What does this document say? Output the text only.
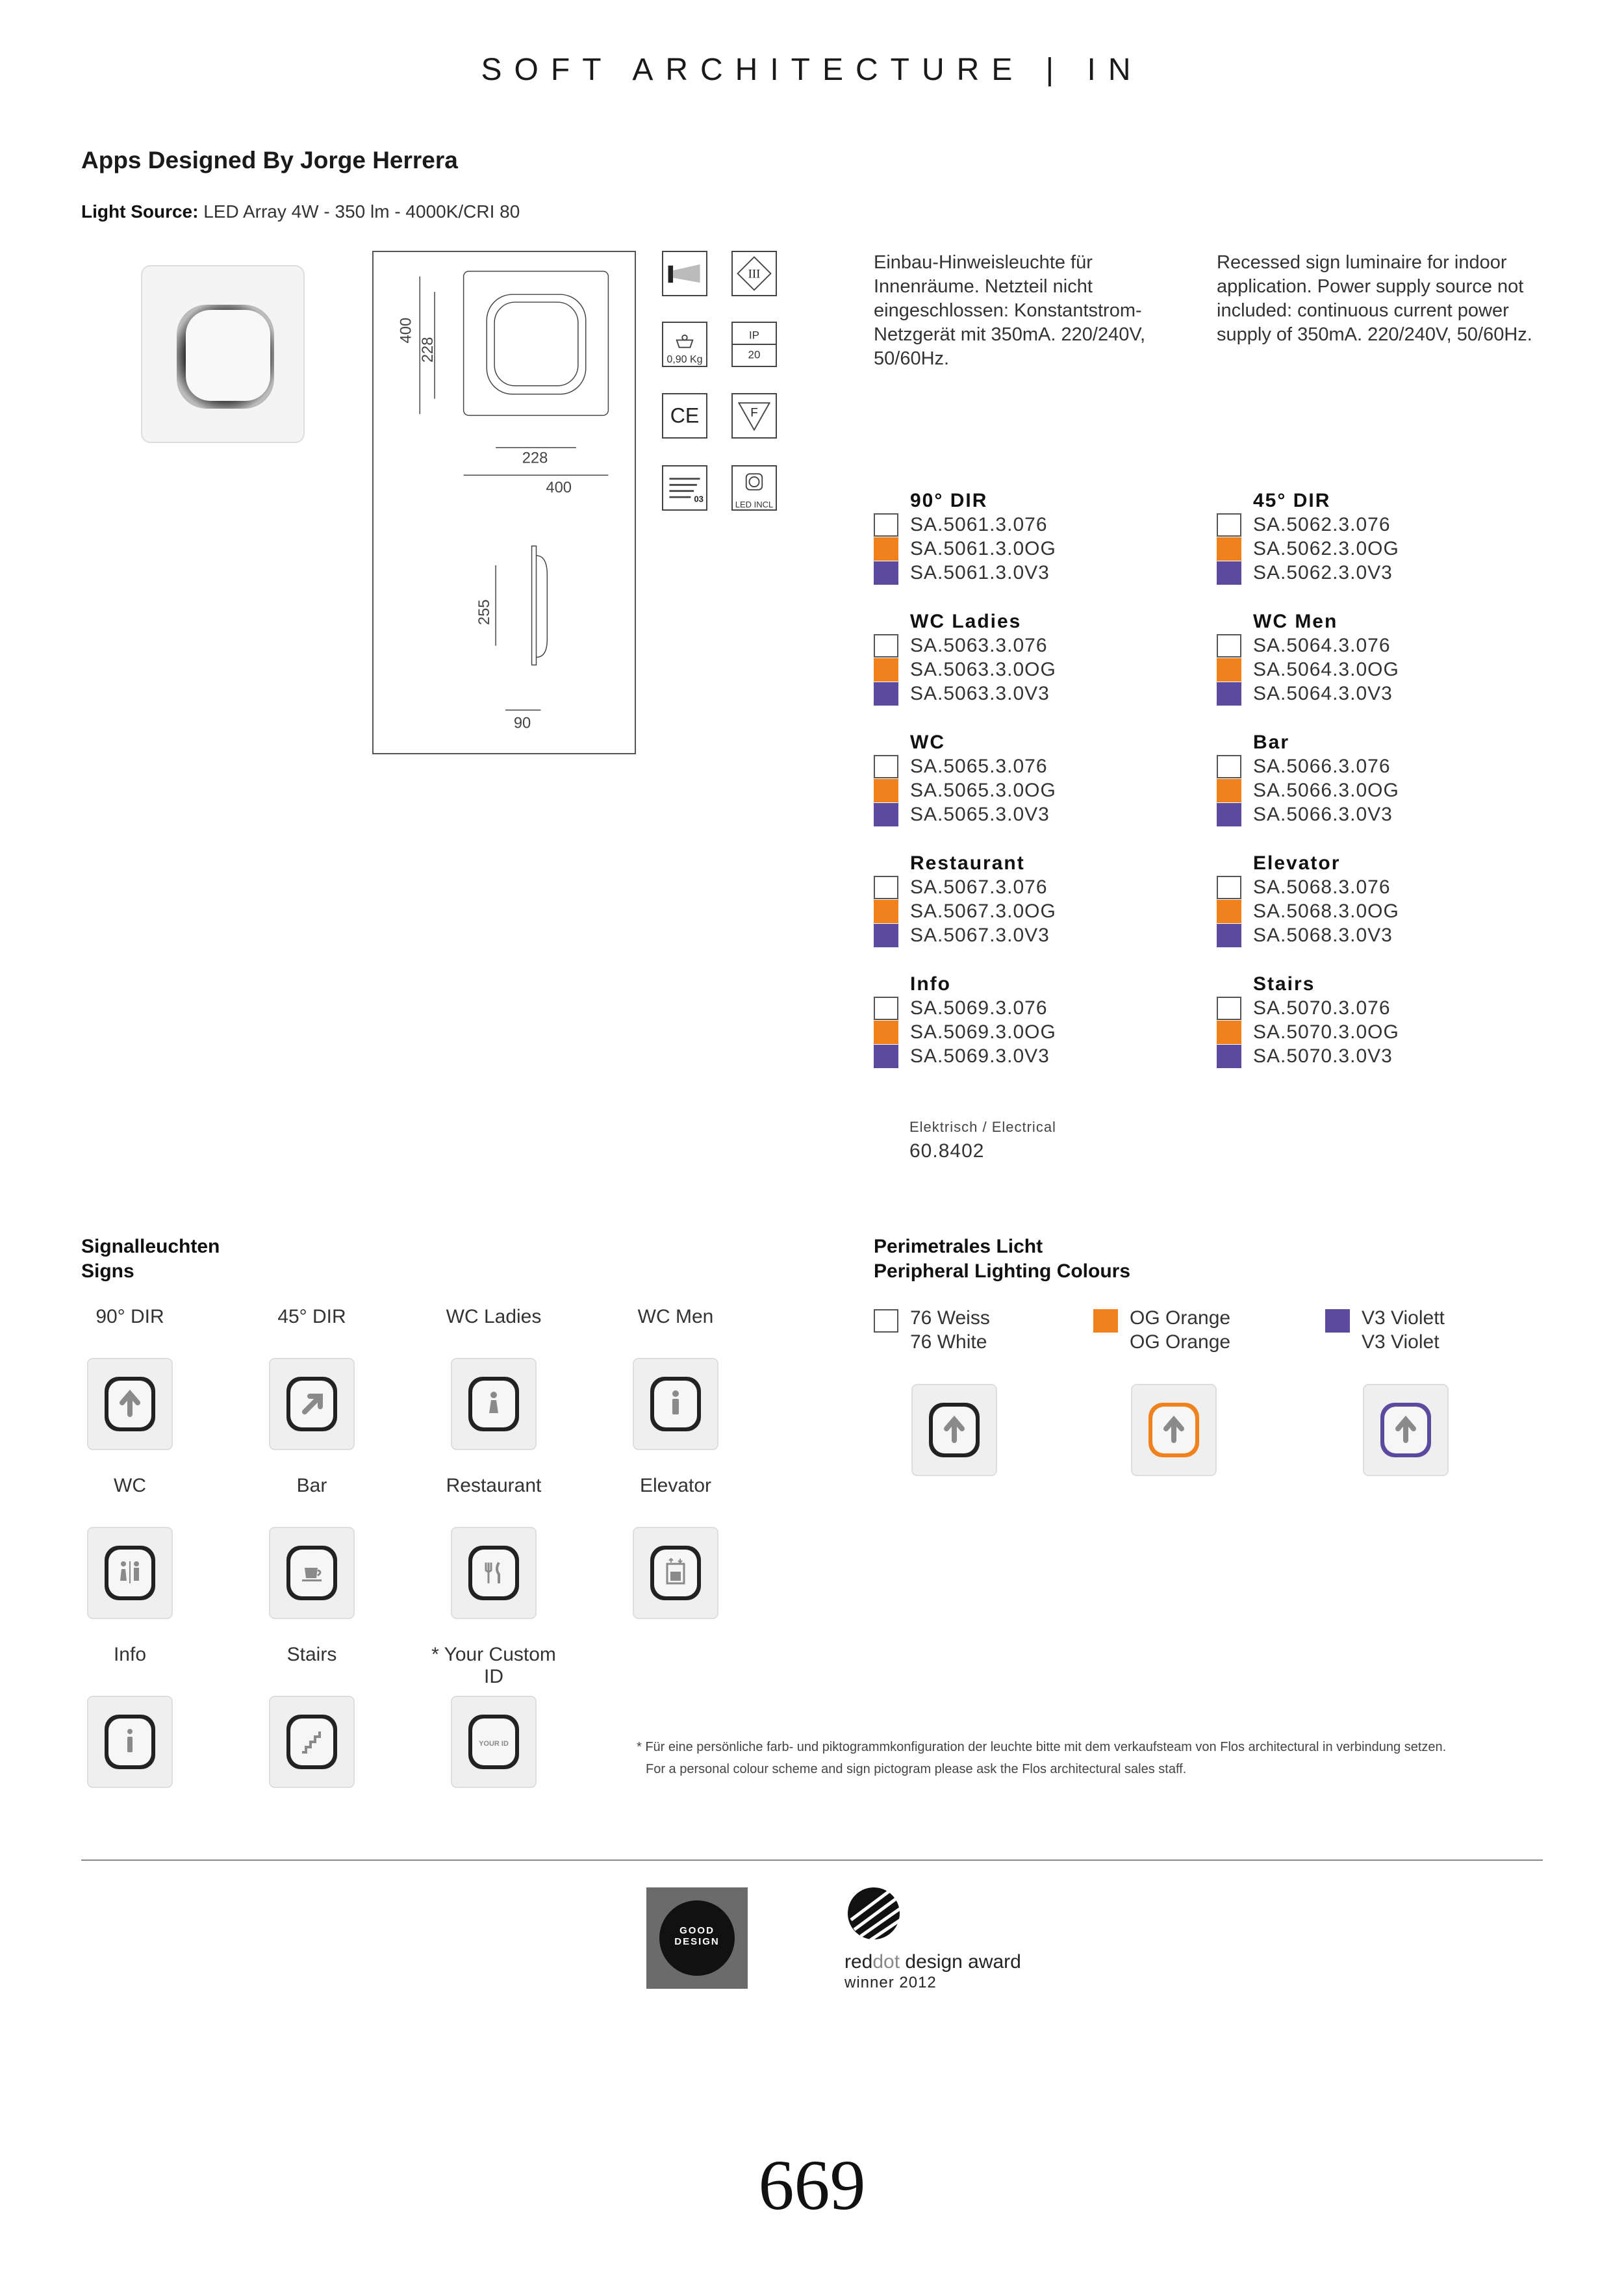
SOFT ARCHITECTURE | IN
Apps Designed By Jorge Herrera
Light Source: LED Array 4W - 350 lm - 4000K/CRI 80
400
228
228
400
255
90
0,90 Kg
CE
03
III
IP
20
F
LED INCL
Einbau-Hinweisleuchte für Innenräume. Netzteil nicht eingeschlossen: Konstantstrom-Netzgerät mit 350mA. 220/240V, 50/60Hz.
Recessed sign luminaire for indoor application. Power supply source not included: continuous current power supply of 350mA. 220/240V, 50/60Hz.
90° DIR
SA.5061.3.076
SA.5061.3.0OG
SA.5061.3.0V3
WC Ladies
SA.5063.3.076
SA.5063.3.0OG
SA.5063.3.0V3
WC
SA.5065.3.076
SA.5065.3.0OG
SA.5065.3.0V3
Restaurant
SA.5067.3.076
SA.5067.3.0OG
SA.5067.3.0V3
Info
SA.5069.3.076
SA.5069.3.0OG
SA.5069.3.0V3
45° DIR
SA.5062.3.076
SA.5062.3.0OG
SA.5062.3.0V3
WC Men
SA.5064.3.076
SA.5064.3.0OG
SA.5064.3.0V3
Bar
SA.5066.3.076
SA.5066.3.0OG
SA.5066.3.0V3
Elevator
SA.5068.3.076
SA.5068.3.0OG
SA.5068.3.0V3
Stairs
SA.5070.3.076
SA.5070.3.0OG
SA.5070.3.0V3
Elektrisch / Electrical
60.8402
Signalleuchten
Signs
90° DIR	45° DIR	WC Ladies	WC Men
WC	Bar	Restaurant	Elevator
Info	Stairs	* Your Custom ID
YOUR ID
Perimetrales Licht
Peripheral Lighting Colours
76 Weiss
76 White
OG Orange
OG Orange
V3 Violett
V3 Violet
* Für eine persönliche farb- und piktogrammkonfiguration der leuchte bitte mit dem verkaufsteam von Flos architectural in verbindung setzen.
For a personal colour scheme and sign pictogram please ask the Flos architectural sales staff.
GOOD
DESIGN
reddot design award
winner 2012
669
